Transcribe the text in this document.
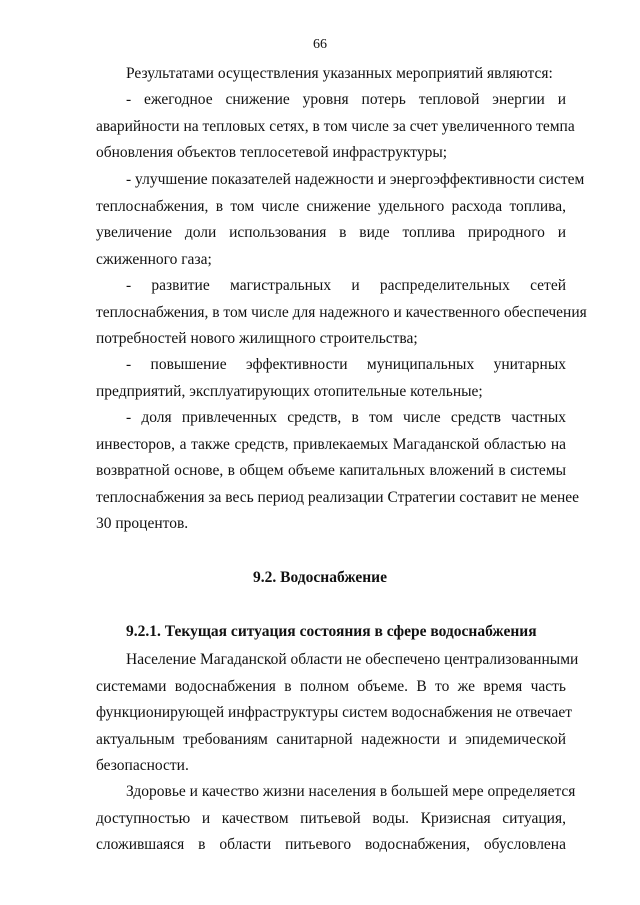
66
Результатами осуществления указанных мероприятий являются:
- ежегодное снижение уровня потерь тепловой энергии и
аварийности на тепловых сетях, в том числе за счет увеличенного темпа
обновления объектов теплосетевой инфраструктуры;
- улучшение показателей надежности и энергоэффективности систем
теплоснабжения, в том числе снижение удельного расхода топлива,
увеличение доли использования в виде топлива природного и
сжиженного газа;
- развитие магистральных и распределительных сетей
теплоснабжения, в том числе для надежного и качественного обеспечения
потребностей нового жилищного строительства;
- повышение эффективности муниципальных унитарных
предприятий, эксплуатирующих отопительные котельные;
- доля привлеченных средств, в том числе средств частных
инвесторов, а также средств, привлекаемых Магаданской областью на
возвратной основе, в общем объеме капитальных вложений в системы
теплоснабжения за весь период реализации Стратегии составит не менее
30 процентов.
9.2. Водоснабжение
9.2.1. Текущая ситуация состояния в сфере водоснабжения
Население Магаданской области не обеспечено централизованными
системами водоснабжения в полном объеме. В то же время часть
функционирующей инфраструктуры систем водоснабжения не отвечает
актуальным требованиям санитарной надежности и эпидемической
безопасности.
Здоровье и качество жизни населения в большей мере определяется
доступностью и качеством питьевой воды. Кризисная ситуация,
сложившаяся в области питьевого водоснабжения, обусловлена
